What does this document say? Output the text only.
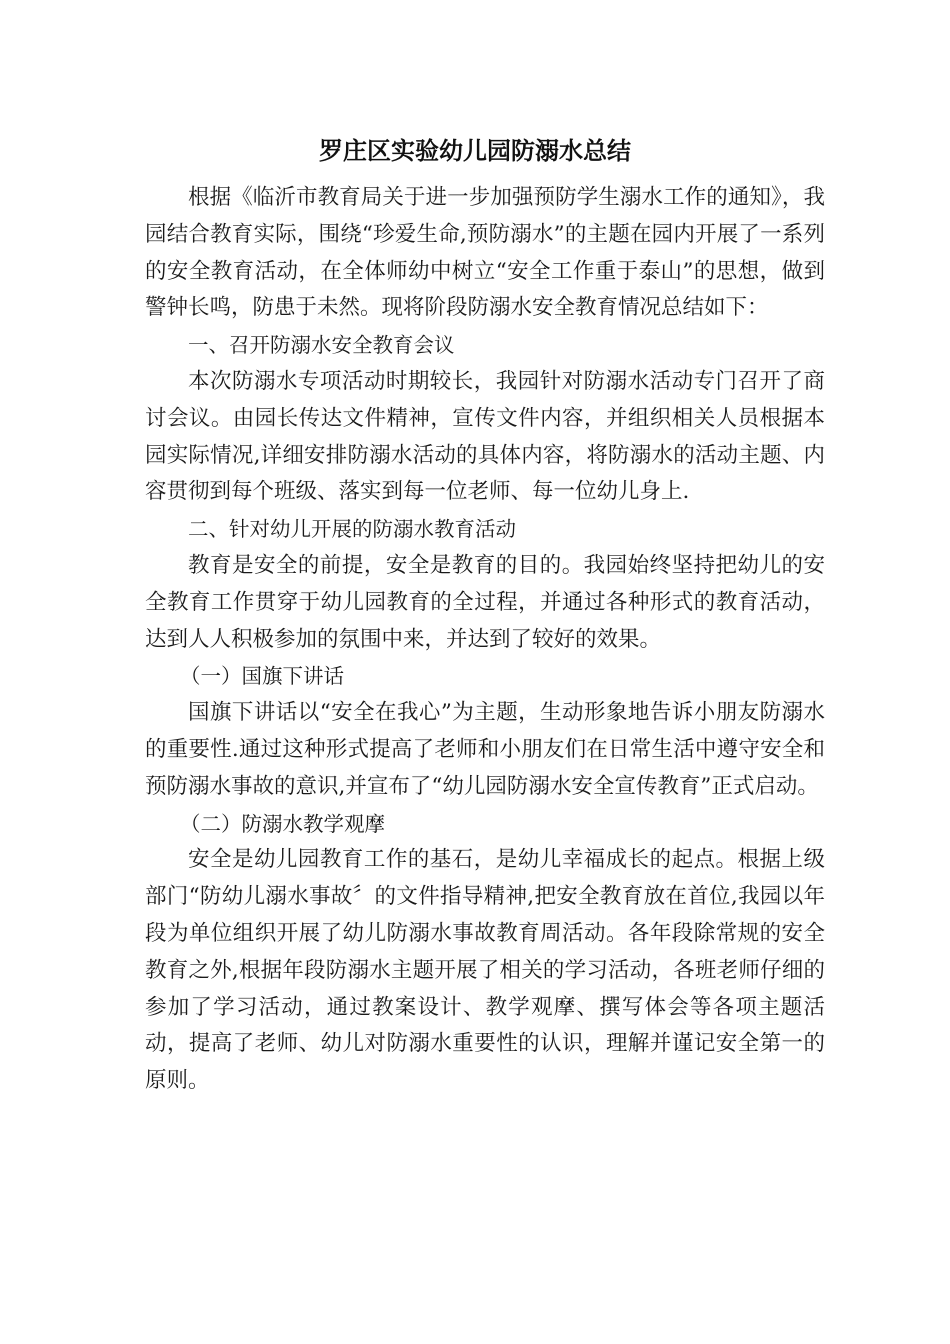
罗庄区实验幼儿园防溺水总结

根据《临沂市教育局关于进一步加强预防学生溺水工作的通知》，我园结合教育实际，围绕“珍爱生命,预防溺水”的主题在园内开展了一系列的安全教育活动，在全体师幼中树立“安全工作重于泰山”的思想，做到警钟长鸣，防患于未然。现将阶段防溺水安全教育情况总结如下：

一、召开防溺水安全教育会议

本次防溺水专项活动时期较长，我园针对防溺水活动专门召开了商讨会议。由园长传达文件精神，宣传文件内容，并组织相关人员根据本园实际情况,详细安排防溺水活动的具体内容，将防溺水的活动主题、内容贯彻到每个班级、落实到每一位老师、每一位幼儿身上.

二、针对幼儿开展的防溺水教育活动

教育是安全的前提，安全是教育的目的。我园始终坚持把幼儿的安全教育工作贯穿于幼儿园教育的全过程，并通过各种形式的教育活动，达到人人积极参加的氛围中来，并达到了较好的效果。

（一）国旗下讲话

国旗下讲话以“安全在我心”为主题，生动形象地告诉小朋友防溺水的重要性.通过这种形式提高了老师和小朋友们在日常生活中遵守安全和预防溺水事故的意识,并宣布了“幼儿园防溺水安全宣传教育”正式启动。

（二）防溺水教学观摩

安全是幼儿园教育工作的基石，是幼儿幸福成长的起点。根据上级部门“防幼儿溺水事故〞的文件指导精神,把安全教育放在首位,我园以年段为单位组织开展了幼儿防溺水事故教育周活动。各年段除常规的安全教育之外,根据年段防溺水主题开展了相关的学习活动，各班老师仔细的参加了学习活动，通过教案设计、教学观摩、撰写体会等各项主题活动，提高了老师、幼儿对防溺水重要性的认识，理解并谨记安全第一的原则。
